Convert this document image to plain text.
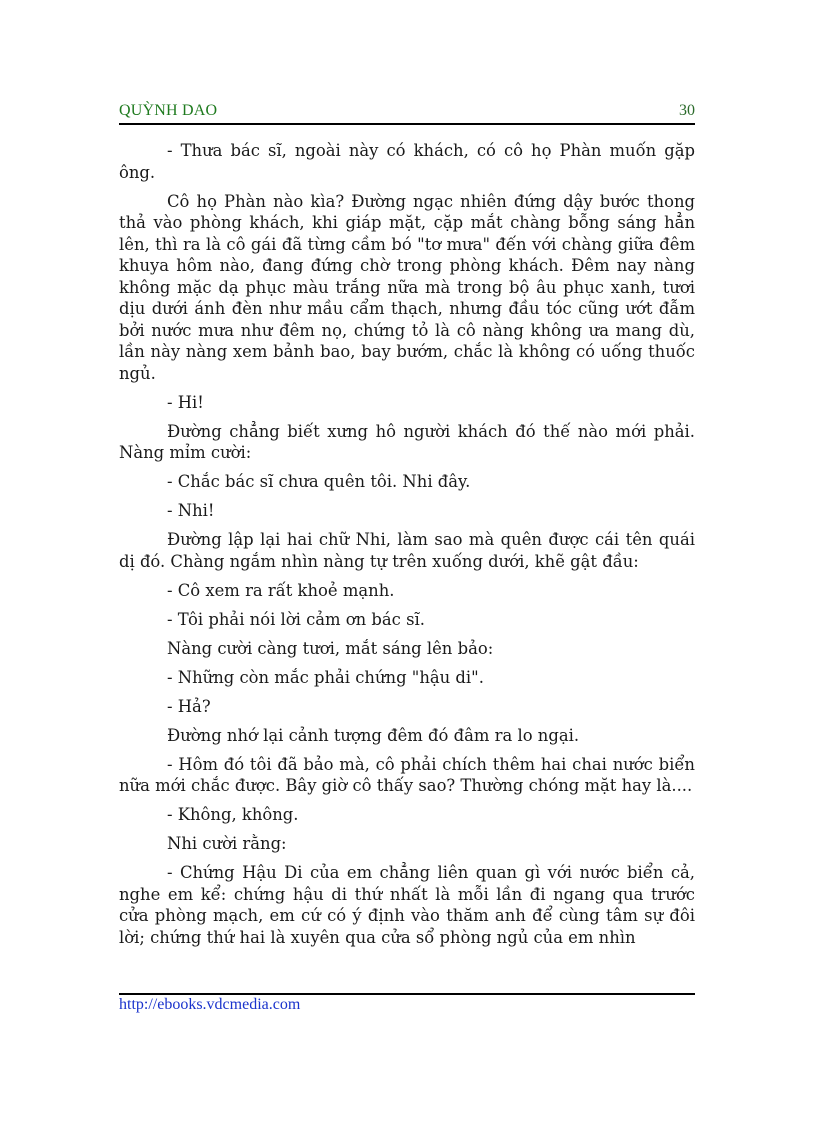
QUỲNH DAO	30

- Thưa bác sĩ, ngoài này có khách, có cô họ Phàn muốn gặp ông.

Cô họ Phàn nào kìa? Đường ngạc nhiên đứng dậy bước thong thả vào phòng khách, khi giáp mặt, cặp mắt chàng bỗng sáng hẳn lên, thì ra là cô gái đã từng cầm bó "tơ mưa" đến với chàng giữa đêm khuya hôm nào, đang đứng chờ trong phòng khách. Đêm nay nàng không mặc dạ phục màu trắng nữa mà trong bộ âu phục xanh, tươi dịu dưới ánh đèn như mầu cẩm thạch, nhưng đầu tóc cũng ướt đẫm bởi nước mưa như đêm nọ, chứng tỏ là cô nàng không ưa mang dù, lần này nàng xem bảnh bao, bay bướm, chắc là không có uống thuốc ngủ.

- Hi!

Đường chẳng biết xưng hô người khách đó thế nào mới phải. Nàng mỉm cười:

- Chắc bác sĩ chưa quên tôi. Nhi đây.

- Nhi!

Đường lập lại hai chữ Nhi, làm sao mà quên được cái tên quái dị đó. Chàng ngắm nhìn nàng tự trên xuống dưới, khẽ gật đầu:

- Cô xem ra rất khoẻ mạnh.

- Tôi phải nói lời cảm ơn bác sĩ.

Nàng cười càng tươi, mắt sáng lên bảo:

- Những còn mắc phải chứng "hậu di".

- Hả?

Đường nhớ lại cảnh tượng đêm đó đâm ra lo ngại.

- Hôm đó tôi đã bảo mà, cô phải chích thêm hai chai nước biển nữa mới chắc được. Bây giờ cô thấy sao? Thường chóng mặt hay là....

- Không, không.

Nhi cười rằng:

- Chứng Hậu Di của em chẳng liên quan gì với nước biển cả, nghe em kể: chứng hậu di thứ nhất là mỗi lần đi ngang qua trước cửa phòng mạch, em cứ có ý định vào thăm anh để cùng tâm sự đôi lời; chứng thứ hai là xuyên qua cửa sổ phòng ngủ của em nhìn

http://ebooks.vdcmedia.com
